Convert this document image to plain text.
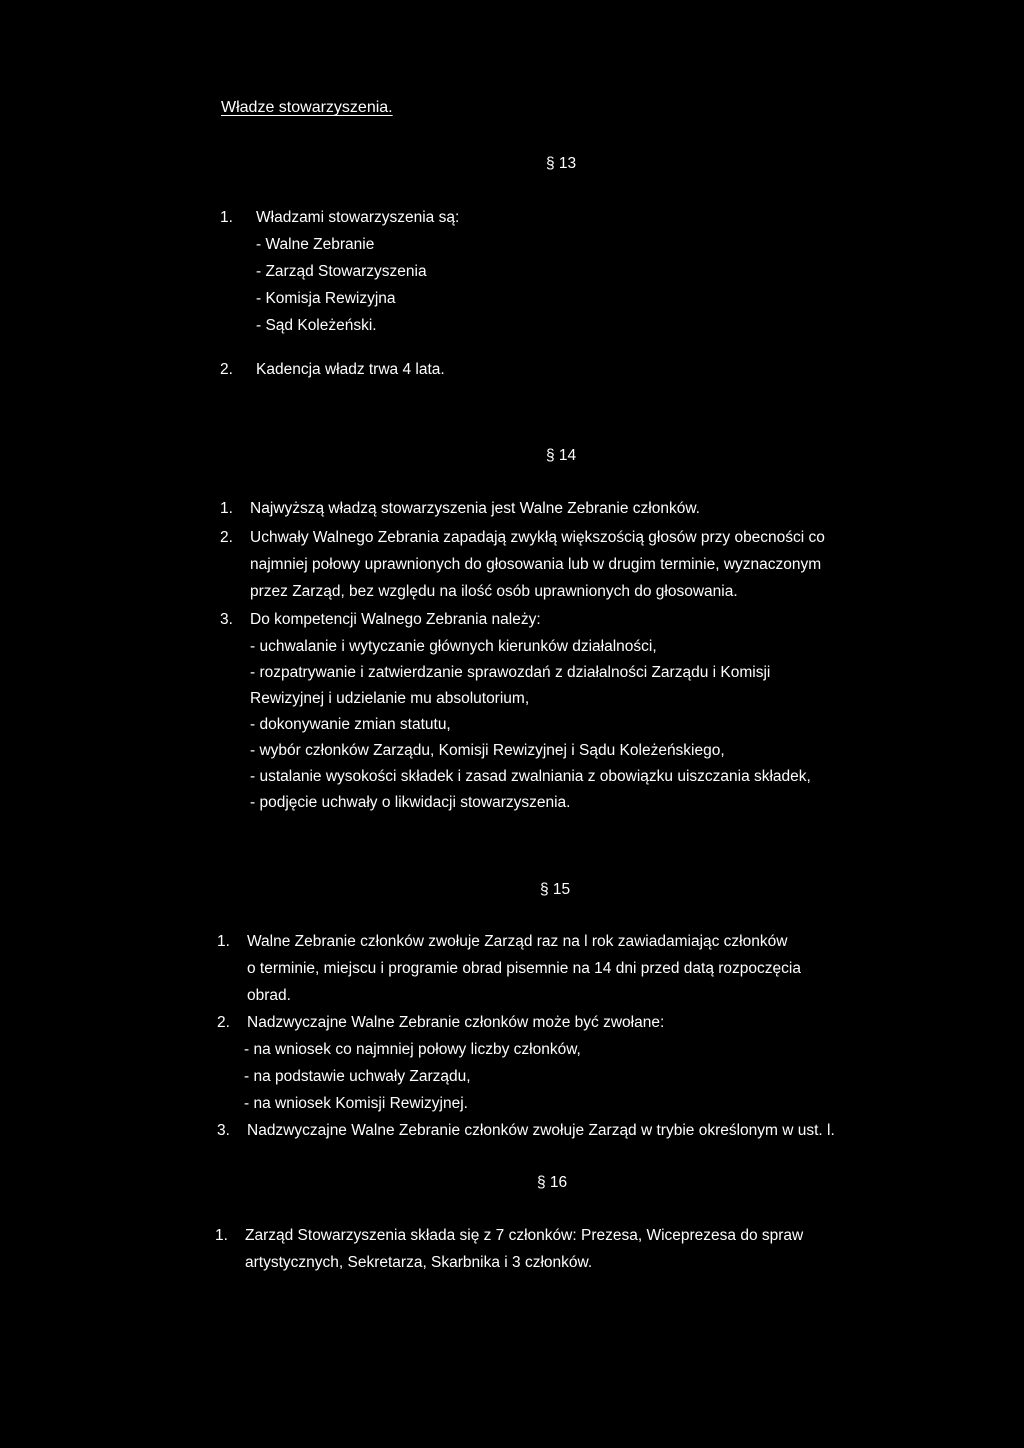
Władze stowarzyszenia.
§ 13
1. Władzami stowarzyszenia są:
- Walne Zebranie
- Zarząd Stowarzyszenia
- Komisja Rewizyjna
- Sąd Koleżeński.
2. Kadencja władz trwa 4 lata.
§ 14
1. Najwyższą władzą stowarzyszenia jest Walne Zebranie członków.
2. Uchwały Walnego Zebrania zapadają zwykłą większością głosów przy obecności co
najmniej połowy uprawnionych do głosowania lub w drugim terminie, wyznaczonym
przez Zarząd, bez względu na ilość osób uprawnionych do głosowania.
3. Do kompetencji Walnego Zebrania należy:
- uchwalanie i wytyczanie głównych kierunków działalności,
- rozpatrywanie i zatwierdzanie sprawozdań z działalności Zarządu i Komisji
Rewizyjnej i udzielanie mu absolutorium,
- dokonywanie zmian statutu,
- wybór członków Zarządu, Komisji Rewizyjnej i Sądu Koleżeńskiego,
- ustalanie wysokości składek i zasad zwalniania z obowiązku uiszczania składek,
- podjęcie uchwały o likwidacji stowarzyszenia.
§ 15
1. Walne Zebranie członków zwołuje Zarząd raz na l rok zawiadamiając członków
o terminie, miejscu i programie obrad pisemnie na 14 dni przed datą rozpoczęcia
obrad.
2. Nadzwyczajne Walne Zebranie członków może być zwołane:
- na wniosek co najmniej połowy liczby członków,
- na podstawie uchwały Zarządu,
- na wniosek Komisji Rewizyjnej.
3. Nadzwyczajne Walne Zebranie członków zwołuje Zarząd w trybie określonym w ust. l.
§ 16
1. Zarząd Stowarzyszenia składa się z 7 członków: Prezesa, Wiceprezesa do spraw
artystycznych, Sekretarza, Skarbnika i 3 członków.
